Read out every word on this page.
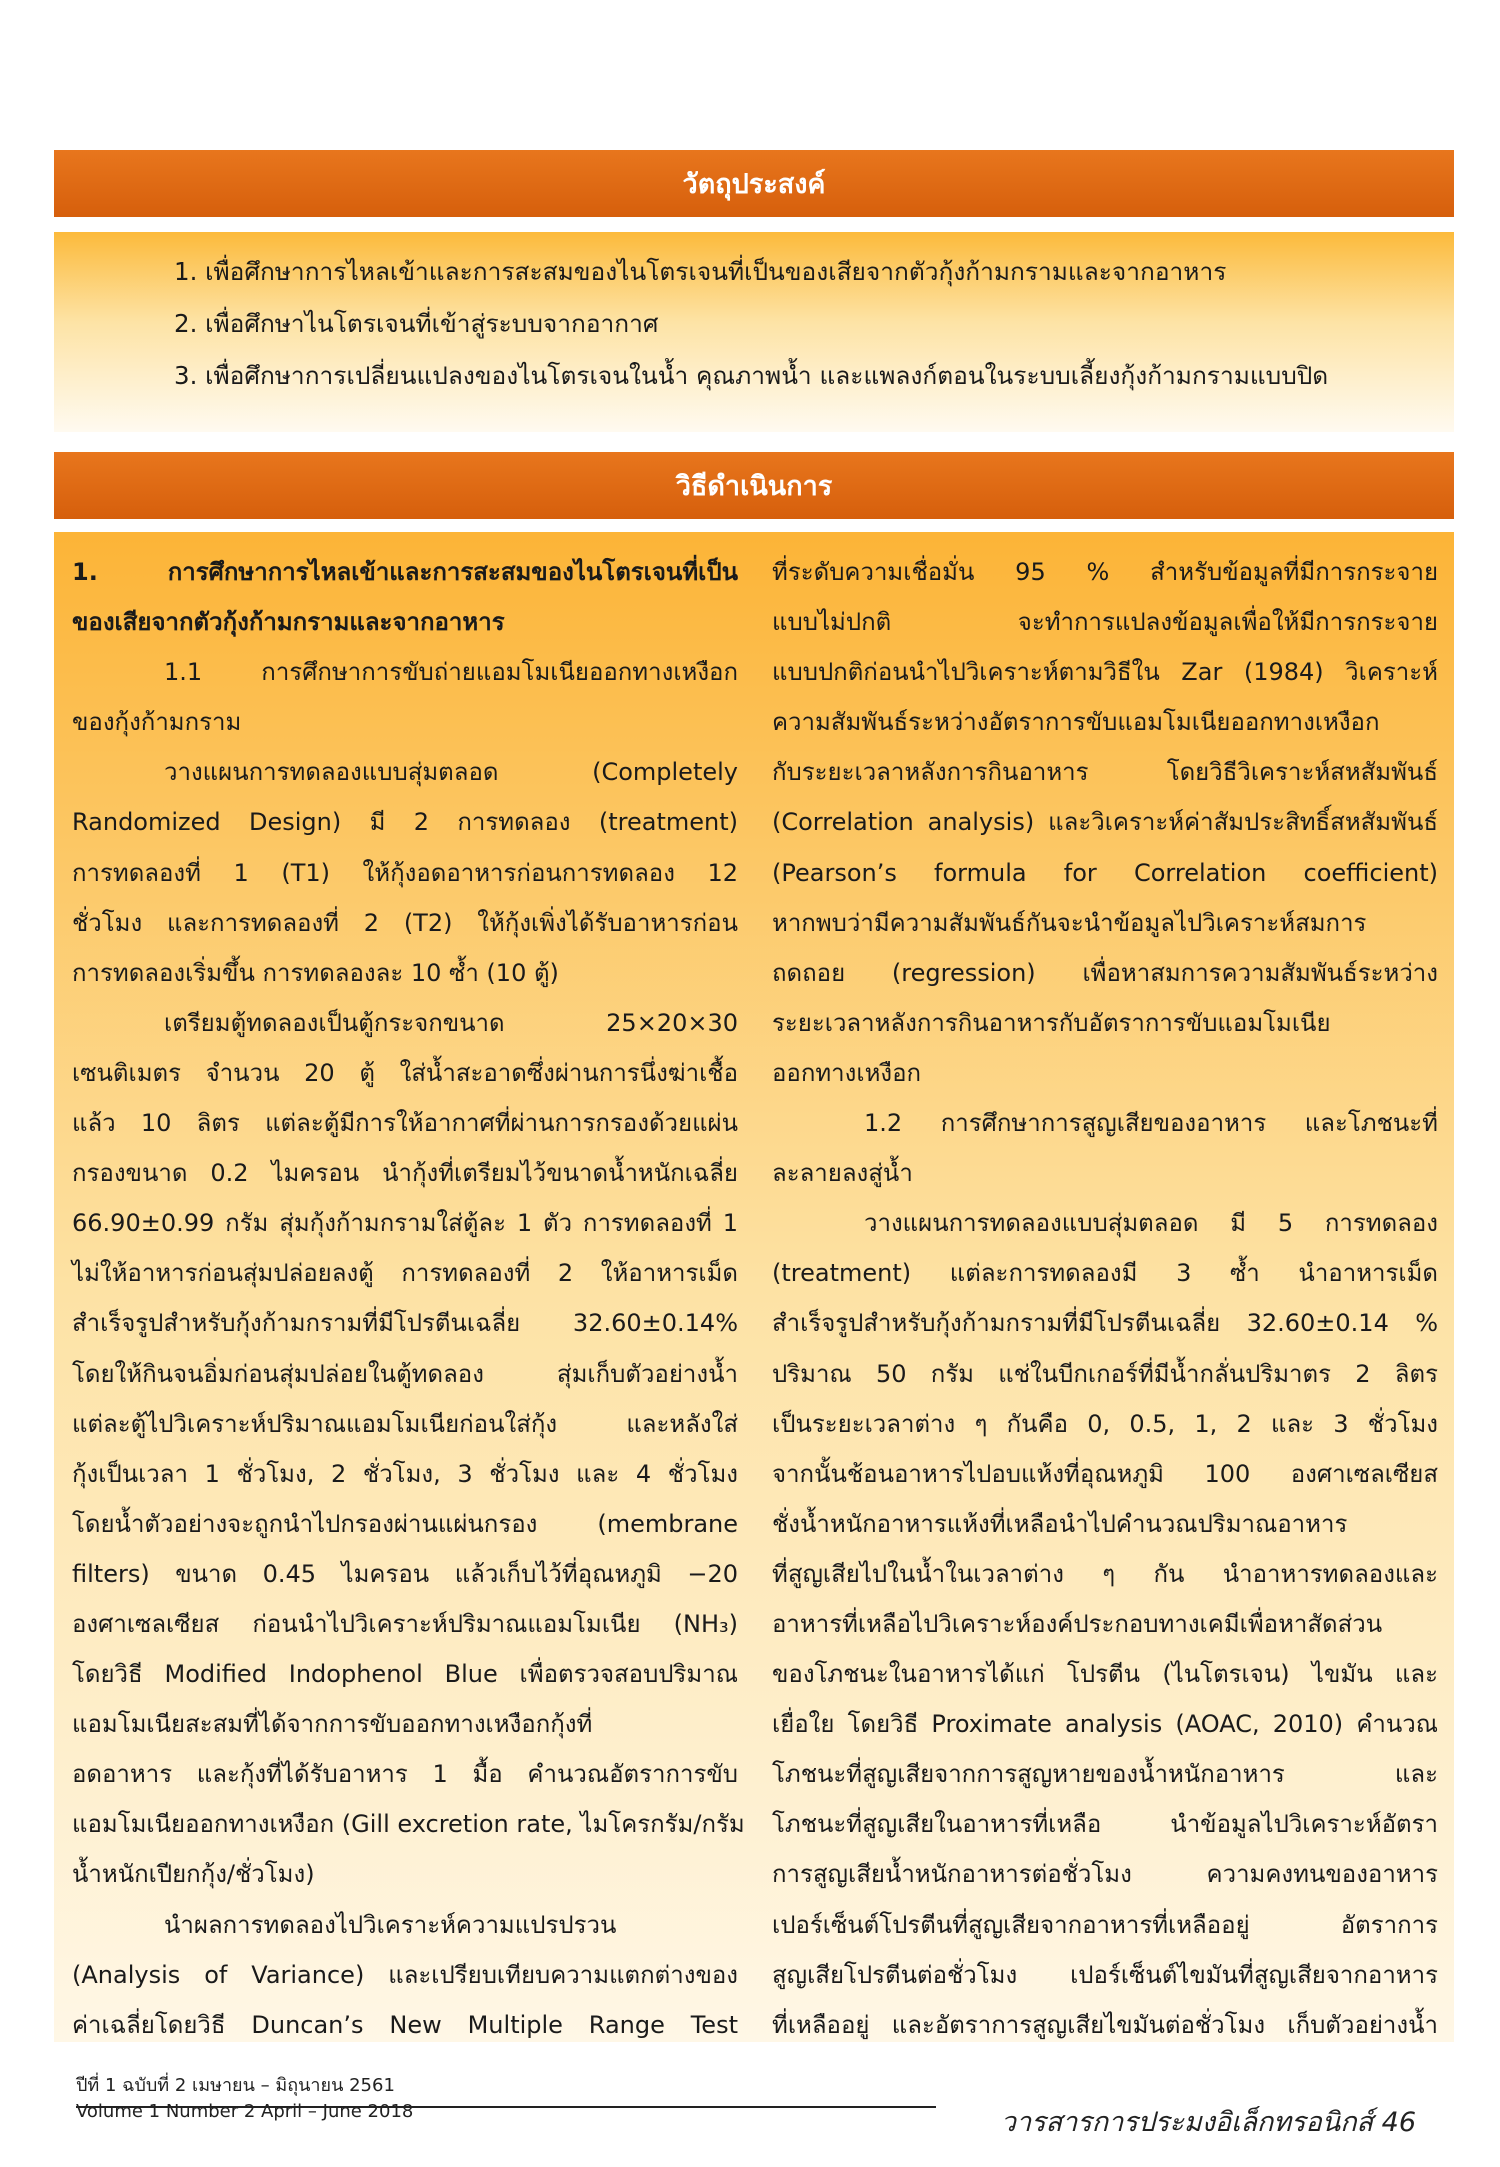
วัตถุประสงค์
1. เพื่อศึกษาการไหลเข้าและการสะสมของไนโตรเจนที่เป็นของเสียจากตัวกุ้งก้ามกรามและจากอาหาร
2. เพื่อศึกษาไนโตรเจนที่เข้าสู่ระบบจากอากาศ
3. เพื่อศึกษาการเปลี่ยนแปลงของไนโตรเจนในน้ำ คุณภาพน้ำ และแพลงก์ตอนในระบบเลี้ยงกุ้งก้ามกรามแบบปิด
วิธีดำเนินการ
1. การศึกษาการไหลเข้าและการสะสมของไนโตรเจนที่เป็น
ของเสียจากตัวกุ้งก้ามกรามและจากอาหาร
1.1 การศึกษาการขับถ่ายแอมโมเนียออกทางเหงือก
ของกุ้งก้ามกราม
วางแผนการทดลองแบบสุ่มตลอด (Completely
Randomized Design) มี 2 การทดลอง (treatment)
การทดลองที่ 1 (T1) ให้กุ้งอดอาหารก่อนการทดลอง 12
ชั่วโมง และการทดลองที่ 2 (T2) ให้กุ้งเพิ่งได้รับอาหารก่อน
การทดลองเริ่มขึ้น การทดลองละ 10 ซ้ำ (10 ตู้)
เตรียมตู้ทดลองเป็นตู้กระจกขนาด 25×20×30
เซนติเมตร จำนวน 20 ตู้ ใส่น้ำสะอาดซึ่งผ่านการนึ่งฆ่าเชื้อ
แล้ว 10 ลิตร แต่ละตู้มีการให้อากาศที่ผ่านการกรองด้วยแผ่น
กรองขนาด 0.2 ไมครอน นำกุ้งที่เตรียมไว้ขนาดน้ำหนักเฉลี่ย
66.90±0.99 กรัม สุ่มกุ้งก้ามกรามใส่ตู้ละ 1 ตัว การทดลองที่ 1
ไม่ให้อาหารก่อนสุ่มปล่อยลงตู้ การทดลองที่ 2 ให้อาหารเม็ด
สำเร็จรูปสำหรับกุ้งก้ามกรามที่มีโปรตีนเฉลี่ย 32.60±0.14%
โดยให้กินจนอิ่มก่อนสุ่มปล่อยในตู้ทดลอง สุ่มเก็บตัวอย่างน้ำ
แต่ละตู้ไปวิเคราะห์ปริมาณแอมโมเนียก่อนใส่กุ้ง และหลังใส่
กุ้งเป็นเวลา 1 ชั่วโมง, 2 ชั่วโมง, 3 ชั่วโมง และ 4 ชั่วโมง
โดยน้ำตัวอย่างจะถูกนำไปกรองผ่านแผ่นกรอง (membrane
filters) ขนาด 0.45 ไมครอน แล้วเก็บไว้ที่อุณหภูมิ −20
องศาเซลเซียส ก่อนนำไปวิเคราะห์ปริมาณแอมโมเนีย (NH₃)
โดยวิธี Modified Indophenol Blue เพื่อตรวจสอบปริมาณ
แอมโมเนียสะสมที่ได้จากการขับออกทางเหงือกกุ้งที่
อดอาหาร และกุ้งที่ได้รับอาหาร 1 มื้อ คำนวณอัตราการขับ
แอมโมเนียออกทางเหงือก (Gill excretion rate, ไมโครกรัม/กรัม
น้ำหนักเปียกกุ้ง/ชั่วโมง)
นำผลการทดลองไปวิเคราะห์ความแปรปรวน
(Analysis of Variance) และเปรียบเทียบความแตกต่างของ
ค่าเฉลี่ยโดยวิธี Duncan’s New Multiple Range Test
ที่ระดับความเชื่อมั่น 95 % สำหรับข้อมูลที่มีการกระจาย
แบบไม่ปกติ จะทำการแปลงข้อมูลเพื่อให้มีการกระจาย
แบบปกติก่อนนำไปวิเคราะห์ตามวิธีใน Zar (1984) วิเคราะห์
ความสัมพันธ์ระหว่างอัตราการขับแอมโมเนียออกทางเหงือก
กับระยะเวลาหลังการกินอาหาร โดยวิธีวิเคราะห์สหสัมพันธ์
(Correlation analysis) และวิเคราะห์ค่าสัมประสิทธิ์สหสัมพันธ์
(Pearson’s formula for Correlation coefficient)
หากพบว่ามีความสัมพันธ์กันจะนำข้อมูลไปวิเคราะห์สมการ
ถดถอย (regression) เพื่อหาสมการความสัมพันธ์ระหว่าง
ระยะเวลาหลังการกินอาหารกับอัตราการขับแอมโมเนีย
ออกทางเหงือก
1.2 การศึกษาการสูญเสียของอาหาร และโภชนะที่
ละลายลงสู่น้ำ
วางแผนการทดลองแบบสุ่มตลอด มี 5 การทดลอง
(treatment) แต่ละการทดลองมี 3 ซ้ำ นำอาหารเม็ด
สำเร็จรูปสำหรับกุ้งก้ามกรามที่มีโปรตีนเฉลี่ย 32.60±0.14 %
ปริมาณ 50 กรัม แช่ในบีกเกอร์ที่มีน้ำกลั่นปริมาตร 2 ลิตร
เป็นระยะเวลาต่าง ๆ กันคือ 0, 0.5, 1, 2 และ 3 ชั่วโมง
จากนั้นช้อนอาหารไปอบแห้งที่อุณหภูมิ 100 องศาเซลเซียส
ชั่งน้ำหนักอาหารแห้งที่เหลือนำไปคำนวณปริมาณอาหาร
ที่สูญเสียไปในน้ำในเวลาต่าง ๆ กัน นำอาหารทดลองและ
อาหารที่เหลือไปวิเคราะห์องค์ประกอบทางเคมีเพื่อหาสัดส่วน
ของโภชนะในอาหารได้แก่ โปรตีน (ไนโตรเจน) ไขมัน และ
เยื่อใย โดยวิธี Proximate analysis (AOAC, 2010) คำนวณ
โภชนะที่สูญเสียจากการสูญหายของน้ำหนักอาหาร และ
โภชนะที่สูญเสียในอาหารที่เหลือ นำข้อมูลไปวิเคราะห์อัตรา
การสูญเสียน้ำหนักอาหารต่อชั่วโมง ความคงทนของอาหาร
เปอร์เซ็นต์โปรตีนที่สูญเสียจากอาหารที่เหลืออยู่ อัตราการ
สูญเสียโปรตีนต่อชั่วโมง เปอร์เซ็นต์ไขมันที่สูญเสียจากอาหาร
ที่เหลืออยู่ และอัตราการสูญเสียไขมันต่อชั่วโมง เก็บตัวอย่างน้ำ
ปีที่ 1 ฉบับที่ 2 เมษายน – มิถุนายน 2561
Volume 1 Number 2 April – June 2018	วารสารการประมงอิเล็กทรอนิกส์ 46
